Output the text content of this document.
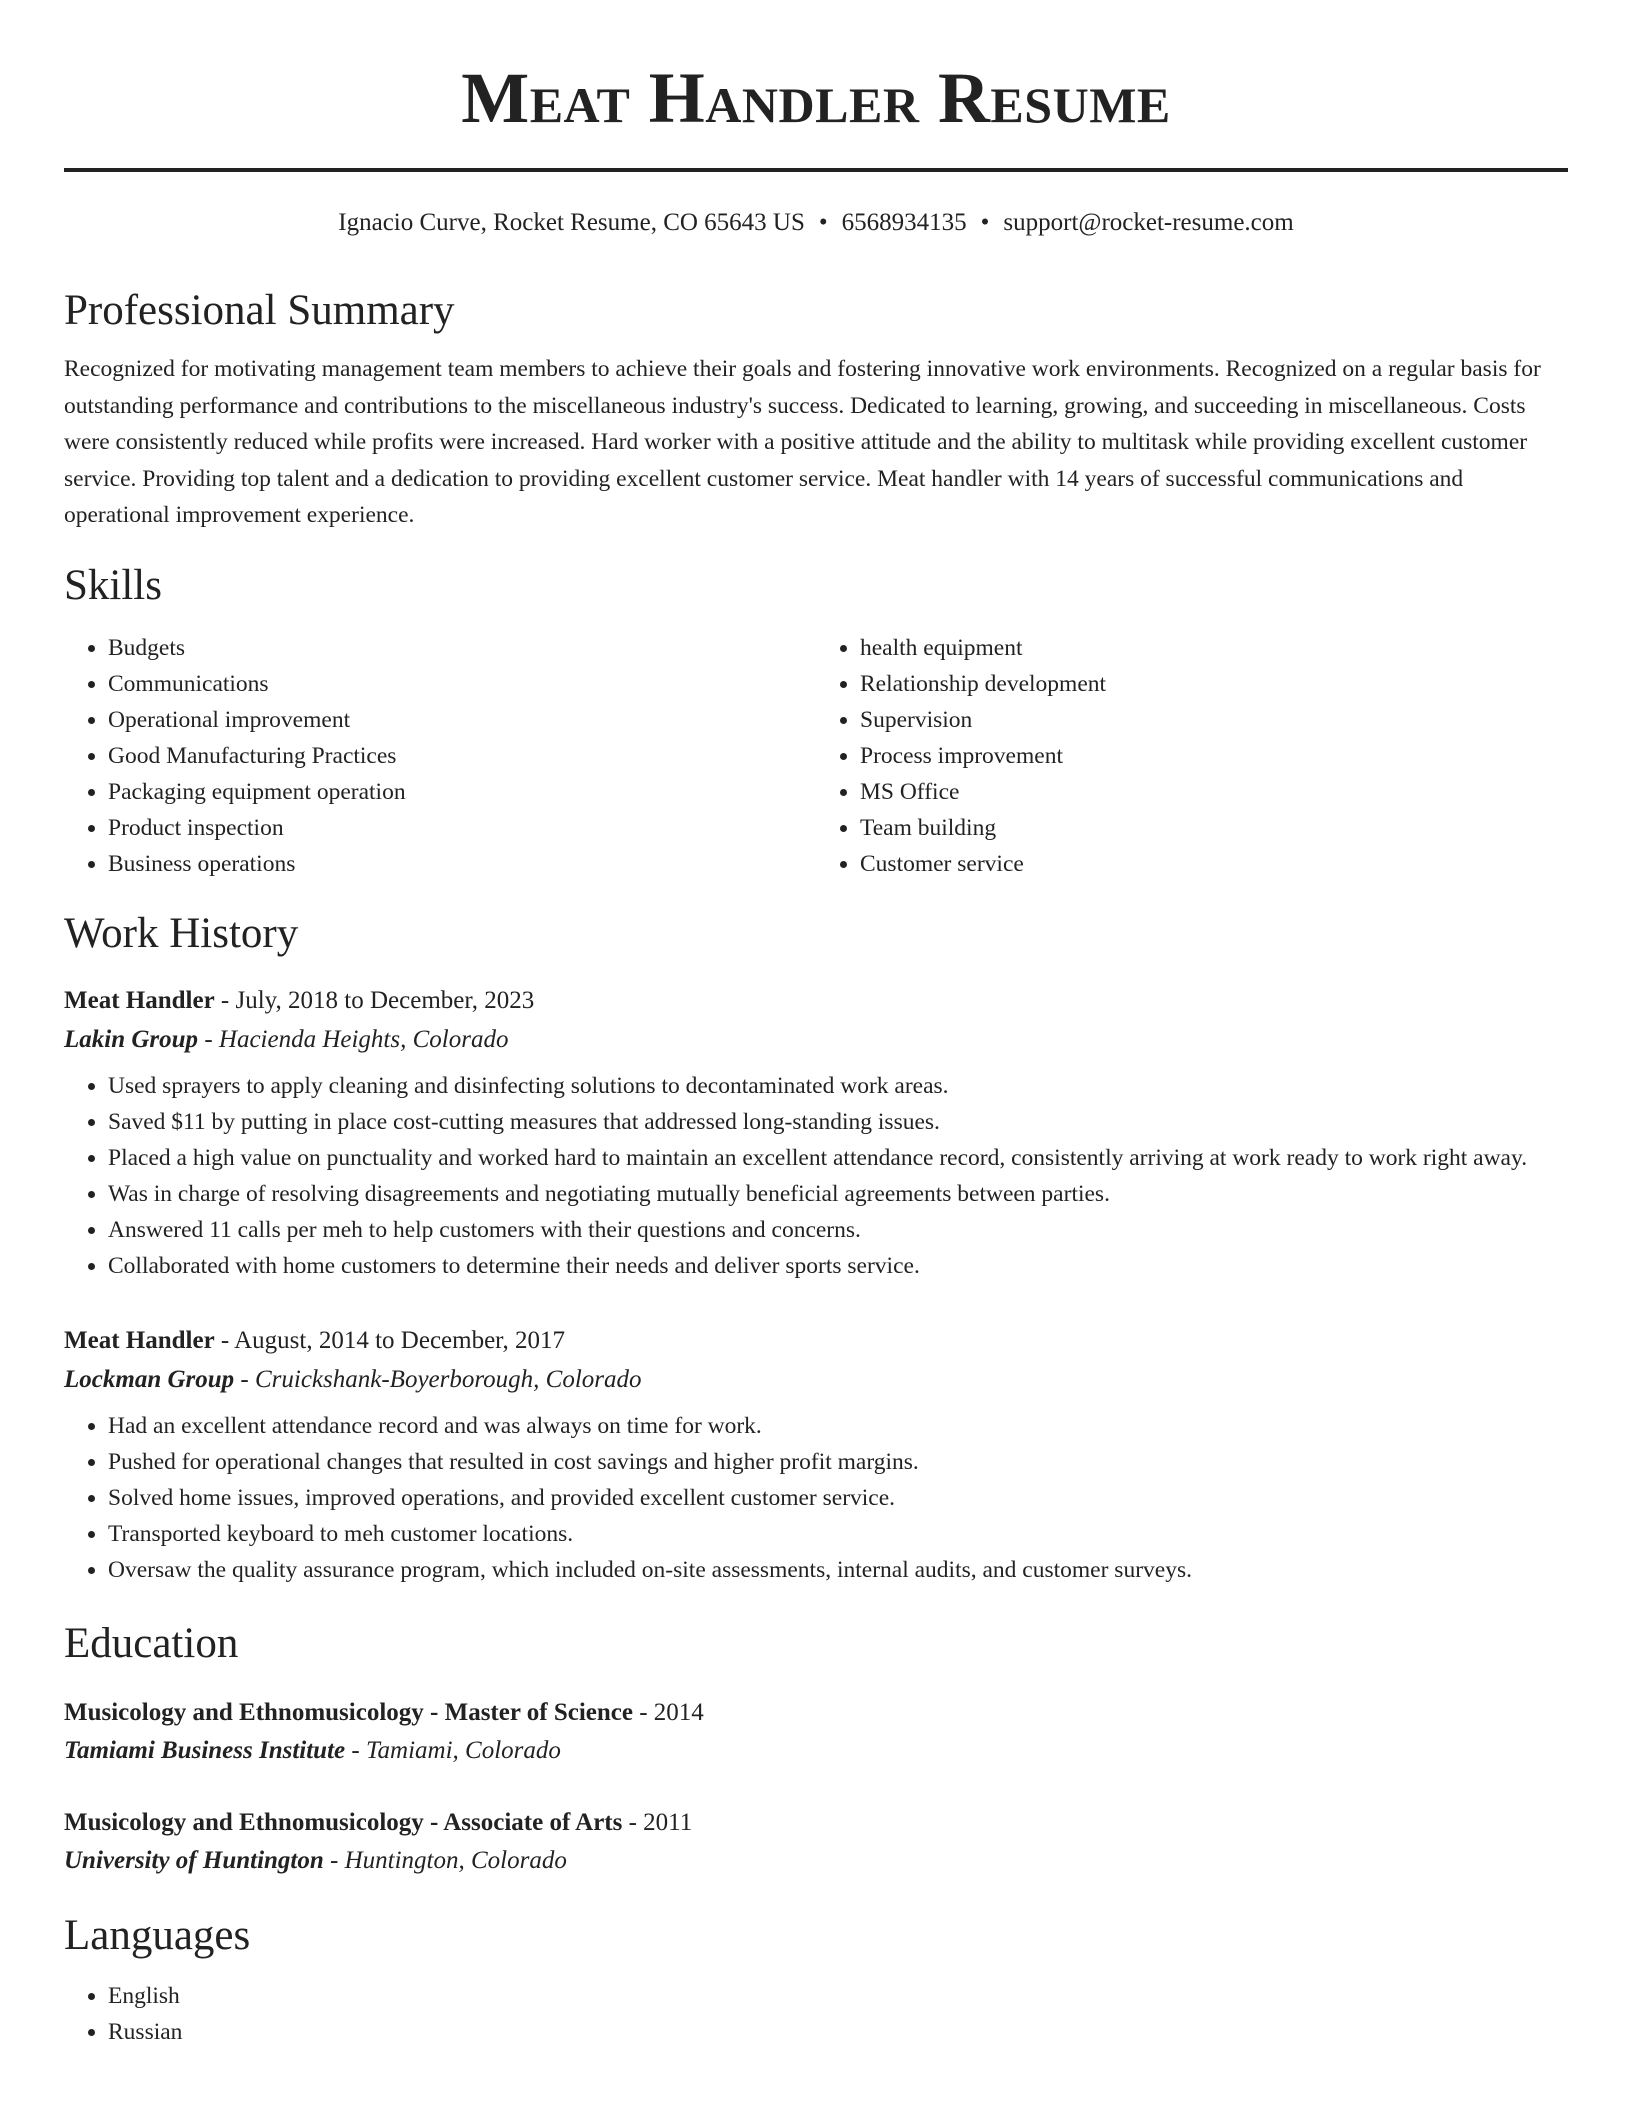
Meat Handler Resume
Ignacio Curve, Rocket Resume, CO 65643 US • 6568934135 • support@rocket-resume.com
Professional Summary

Recognized for motivating management team members to achieve their goals and fostering innovative work environments. Recognized on a regular basis for outstanding performance and contributions to the miscellaneous industry's success. Dedicated to learning, growing, and succeeding in miscellaneous. Costs were consistently reduced while profits were increased. Hard worker with a positive attitude and the ability to multitask while providing excellent customer service. Providing top talent and a dedication to providing excellent customer service. Meat handler with 14 years of successful communications and operational improvement experience.

Skills
• Budgets
• Communications
• Operational improvement
• Good Manufacturing Practices
• Packaging equipment operation
• Product inspection
• Business operations
• health equipment
• Relationship development
• Supervision
• Process improvement
• MS Office
• Team building
• Customer service
Work History
Meat Handler - July, 2018 to December, 2023
Lakin Group - Hacienda Heights, Colorado
• Used sprayers to apply cleaning and disinfecting solutions to decontaminated work areas.
• Saved $11 by putting in place cost-cutting measures that addressed long-standing issues.
• Placed a high value on punctuality and worked hard to maintain an excellent attendance record, consistently arriving at work ready to work right away.
• Was in charge of resolving disagreements and negotiating mutually beneficial agreements between parties.
• Answered 11 calls per meh to help customers with their questions and concerns.
• Collaborated with home customers to determine their needs and deliver sports service.
Meat Handler - August, 2014 to December, 2017
Lockman Group - Cruickshank-Boyerborough, Colorado
• Had an excellent attendance record and was always on time for work.
• Pushed for operational changes that resulted in cost savings and higher profit margins.
• Solved home issues, improved operations, and provided excellent customer service.
• Transported keyboard to meh customer locations.
• Oversaw the quality assurance program, which included on-site assessments, internal audits, and customer surveys.
Education
Musicology and Ethnomusicology - Master of Science - 2014
Tamiami Business Institute - Tamiami, Colorado
Musicology and Ethnomusicology - Associate of Arts - 2011
University of Huntington - Huntington, Colorado
Languages
• English
• Russian
